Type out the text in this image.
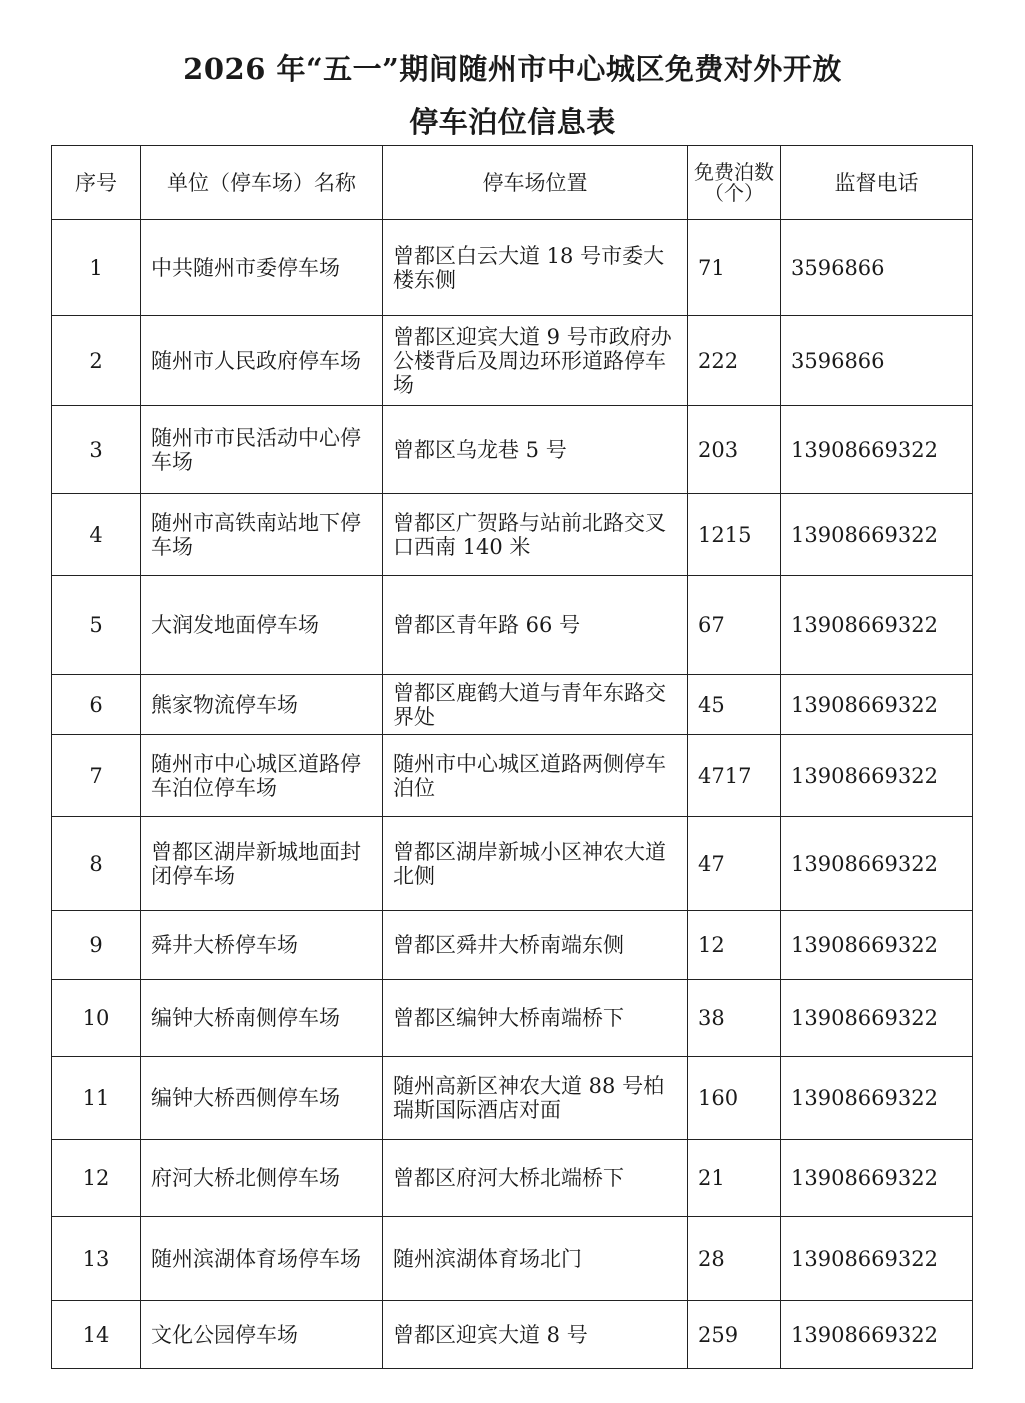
2026 年“五一”期间随州市中心城区免费对外开放
停车泊位信息表
序号	单位（停车场）名称	停车场位置	免费泊数（个）	监督电话
1	中共随州市委停车场	曾都区白云大道 18 号市委大楼东侧	71	3596866
2	随州市人民政府停车场	曾都区迎宾大道 9 号市政府办公楼背后及周边环形道路停车场	222	3596866
3	随州市市民活动中心停车场	曾都区乌龙巷 5 号	203	13908669322
4	随州市高铁南站地下停车场	曾都区广贺路与站前北路交叉口西南 140 米	1215	13908669322
5	大润发地面停车场	曾都区青年路 66 号	67	13908669322
6	熊家物流停车场	曾都区鹿鹤大道与青年东路交界处	45	13908669322
7	随州市中心城区道路停车泊位停车场	随州市中心城区道路两侧停车泊位	4717	13908669322
8	曾都区湖岸新城地面封闭停车场	曾都区湖岸新城小区神农大道北侧	47	13908669322
9	舜井大桥停车场	曾都区舜井大桥南端东侧	12	13908669322
10	编钟大桥南侧停车场	曾都区编钟大桥南端桥下	38	13908669322
11	编钟大桥西侧停车场	随州高新区神农大道 88 号柏瑞斯国际酒店对面	160	13908669322
12	府河大桥北侧停车场	曾都区府河大桥北端桥下	21	13908669322
13	随州滨湖体育场停车场	随州滨湖体育场北门	28	13908669322
14	文化公园停车场	曾都区迎宾大道 8 号	259	13908669322
